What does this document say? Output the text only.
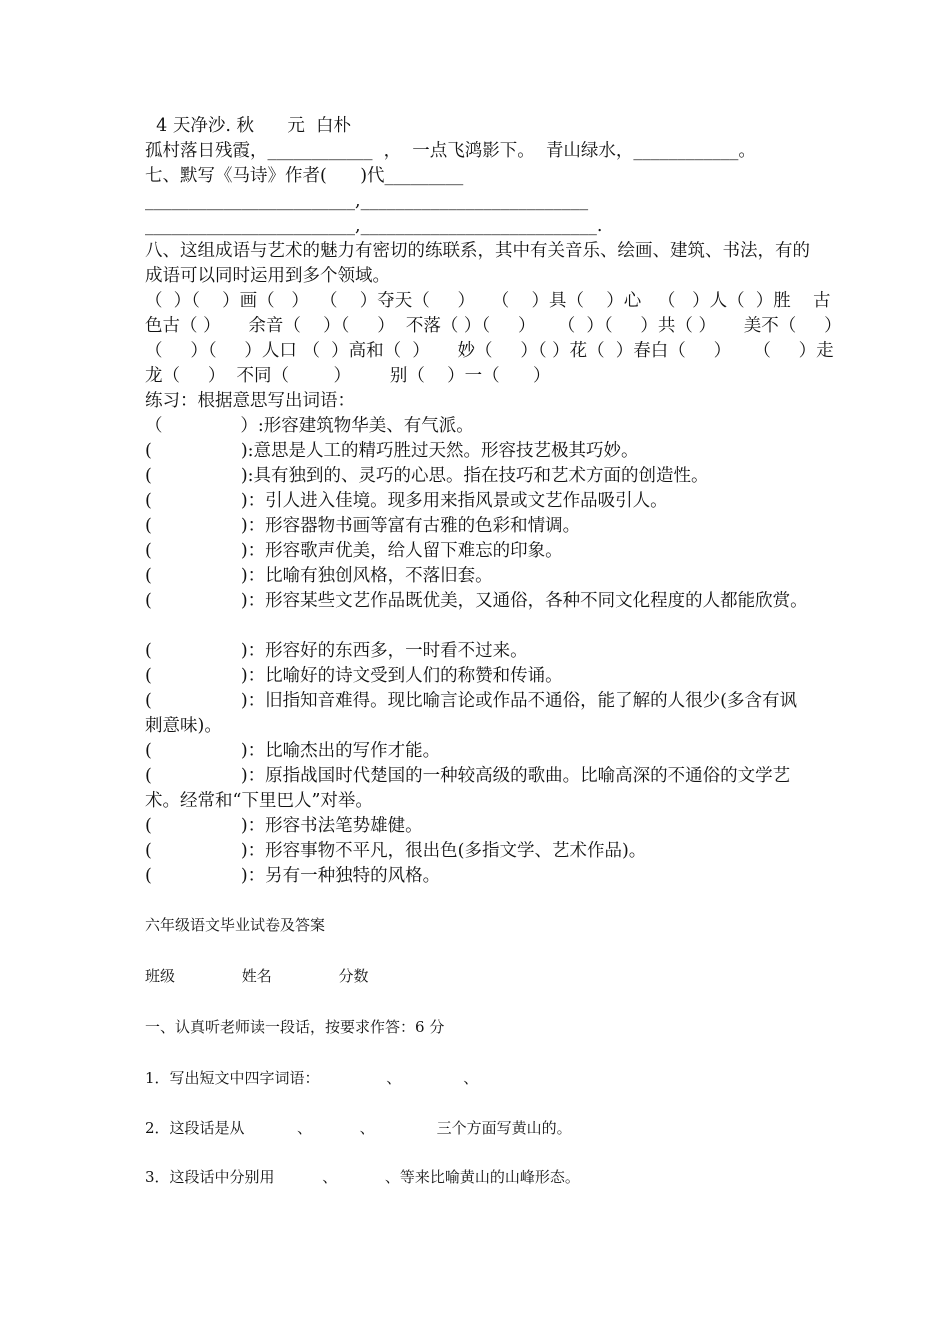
4 天净沙. 秋      元  白朴

孤村落日残霞，____________  ，  一点飞鸿影下。  青山绿水，____________。

七、默写《马诗》作者(      )代_________

________________________,__________________________

________________________,___________________________.

八、这组成语与艺术的魅力有密切的练联系，其中有关音乐、绘画、建筑、书法，有的成语可以同时运用到多个领域。

（  ）（    ）画（   ）  （    ）夺天（     ）   （    ）具（    ）心   （   ）人（  ）胜    古

色古（ ）     余音（    ）（     ）  不落（ ）（     ）    （  ）（     ）共（ ）     美不（     ）

（     ）（     ）人口 （  ）高和（  ）     妙（     ）（ ）花（  ）春白（     ）    （     ）走

龙（     ）  不同（        ）       别（    ）一（      ）

练习：根据意思写出词语：

（              ）:形容建筑物华美、有气派。

(                ):意思是人工的精巧胜过天然。形容技艺极其巧妙。

(                ):具有独到的、灵巧的心思。指在技巧和艺术方面的创造性。

(                )：引人进入佳境。现多用来指风景或文艺作品吸引人。

(                )：形容器物书画等富有古雅的色彩和情调。

(                )：形容歌声优美，给人留下难忘的印象。

(                )：比喻有独创风格，不落旧套。

(                )：形容某些文艺作品既优美，又通俗，各种不同文化程度的人都能欣赏。

(                )：形容好的东西多，一时看不过来。

(                )：比喻好的诗文受到人们的称赞和传诵。

(                )：旧指知音难得。现比喻言论或作品不通俗，能了解的人很少(多含有讽刺意味)。

(                )：比喻杰出的写作才能。

(                )：原指战国时代楚国的一种较高级的歌曲。比喻高深的不通俗的文学艺术。经常和“下里巴人”对举。

(                )：形容书法笔势雄健。

(                )：形容事物不平凡，很出色(多指文学、艺术作品)。

(                )：另有一种独特的风格。

六年级语文毕业试卷及答案

班级              姓名              分数

一、认真听老师读一段话，按要求作答：6 分

1．写出短文中四字词语：              、             、

2．这段话是从           、          、             三个方面写黄山的。

3．这段话中分别用          、          、等来比喻黄山的山峰形态。
